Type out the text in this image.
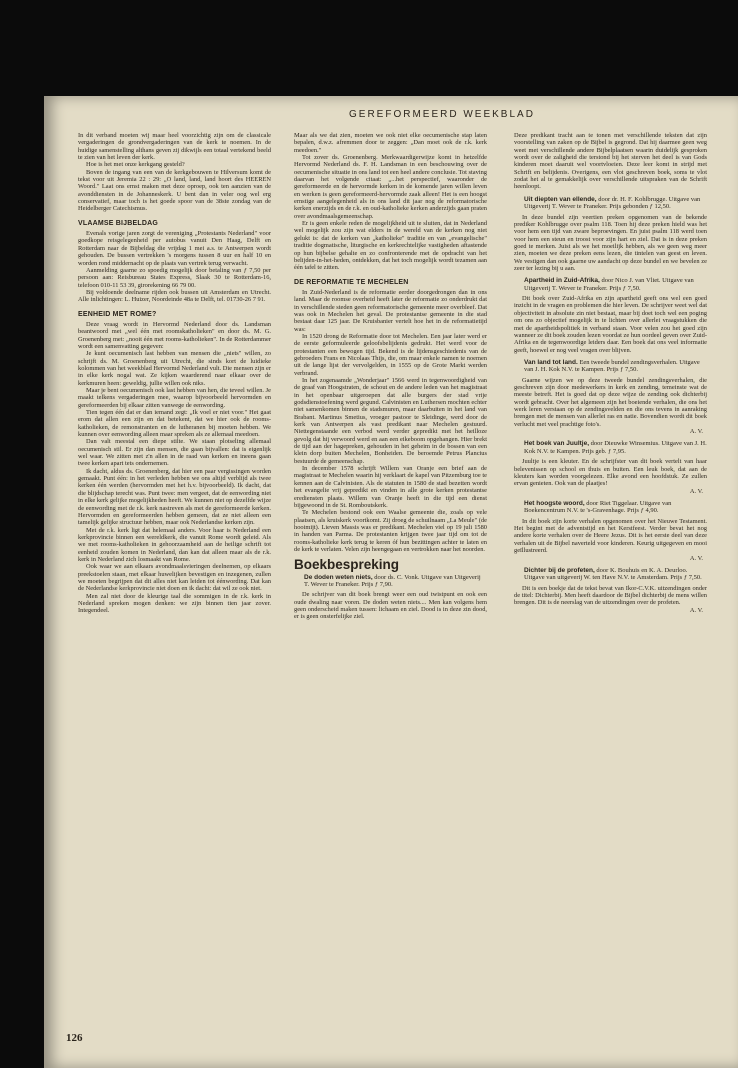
GEREFORMEERD WEEKBLAD

In dit verband moeten wij maar heel voorzichtig zijn om de classicale vergaderingen de grondvergaderingen van de kerk te noemen. In de huidige samenstelling althans geven zij dikwijls een totaal vertekend beeld te zien van het leven der kerk.

Hoe is het met onze kerkgang gesteld?

Boven de ingang van een van de kerkgebouwen te Hilversum komt de tekst voor uit Jeremia 22 : 29: „O land, land, land hoort des HEEREN Woord." Laat ons ernst maken met deze oproep, ook ten aanzien van de avonddiensten in de Johanneskerk. U bent dan in veler oog wel erg conservatief, maar toch is het goede spoor van de 38ste zondag van de Heidelberger Catechismus.

VLAAMSE BIJBELDAG

Evenals vorige jaren zorgt de vereniging „Protestants Nederland" voor goedkope reisgelegenheid per autobus vanuit Den Haag, Delft en Rotterdam naar de Bijbeldag die vrijdag 1 mei a.s. te Antwerpen wordt gehouden. De bussen vertrekken 's morgens tussen 8 uur en half 10 en worden rond middernacht op de plaats van vertrek terug verwacht.

Aanmelding gaarne zo spoedig mogelijk door betaling van ƒ 7,50 per persoon aan: Reisbureau States Express, Slaak 30 te Rotterdam-16, telefoon 010-11 53 39, girorekening 66 79 00.

Bij voldoende deelname rijden ook bussen uit Amsterdam en Utrecht. Alle inlichtingen: L. Huizer, Noordeinde 48a te Delft, tel. 01730-26 7 91.

EENHEID MET ROME?

Deze vraag wordt in Hervormd Nederland door ds. Landsman beantwoord met „wel één met roomskatholieken" en door ds. M. G. Groenenberg met: „nooit één met rooms-katholieken". In de Rotterdammer wordt een samenvatting gegeven:

Je kunt oecumenisch last hebben van mensen die „niets" willen, zo schrijft ds. M. Groenenberg uit Utrecht, die sinds kort de luidieke kolommen van het weekblad Hervormd Nederland vult. Die mensen zijn er in elke kerk nogal wat. Ze kijken waarderend naar elkaar over de kerkmuren heen: geweldig, jullie willen ook niks.

Maar je bent oecumenisch ook last hebben van hen, die teveel willen. Je maakt telkens vergaderingen mee, waarop bijvoorbeeld hervormden en gereformeerden bij elkaar zitten vanwege de eenwording.

Tien tegen één dat er dan iemand zegt: „Ik voel er niet voor." Het gaat erom dat allen een zijn en dat betekent, dat we hier ook de rooms-katholieken, de remonstranten en de lutheranen bij moeten hebben. We kunnen over eenwording alleen maar spreken als ze allemaal meedoen.

Dan valt meestal een diepe stilte. We staan plotseling allemaal oecumenisch stil. Er zijn dan mensen, die gaan bijvallen: dat is eigenlijk wel waar. We zitten met z'n allen in de raad van kerken en ineens gaan twee kerken apart tets ondernemen.

Ik dacht, aldus ds. Groenenberg, dat hier een paar vergissingen worden gemaakt. Punt één: in het verleden hebben we ons altijd verblijd als twee kerken één werden (hervormden met het h.v. bijvoorbeeld). Ik dacht, dat die blijdschap terecht was. Punt twee: men vergeet, dat de eenwording niet in elke kerk gelijke mogelijkheden heeft. We kunnen niet op dezelfde wijze de eenwording met de r.k. kerk nastreven als met de gereformeerde kerken. Hervormden en gereformeerden hebben gemeen, dat ze niet alleen een tamelijk gelijke structuur hebben, maar ook Nederlandse kerken zijn.

Met de r.k. kerk ligt dat helemaal anders. Voor haar is Nederland een kerkprovincie binnen een wereldkerk, die vanuit Rome wordt geleid. Als we met rooms-katholieken in gehoorzaamheid aan de heilige schrift tot eenheid zouden komen in Nederland, dan kan dat alleen maar als de r.k. kerk in Nederland zich losmaakt van Rome.

Ook waar we aan elkaars avondmaalsvieringen deelnemen, op elkaars preekstoelen staan, met elkaar huwelijken bevestigen en inzegenen, zullen we moeten begrijpen dat dit alles niet kan leiden tot éénwording. Dat kan de Nederlandse kerkprovincie niet doen en ik dacht: dat wil ze ook niet.

Men zal niet door de kleurige taal die sommigen in de r.k. kerk in Nederland spreken mogen denken: we zijn binnen tien jaar zover. Integendeel.

Maar als we dat zien, moeten we ook niet elke oecumenische stap laten bepalen, d.w.z. afremmen door te zeggen: „Dan moet ook de r.k. kerk meedoen."

Tot zover ds. Groenenberg. Merkwaardigerwijze komt in hetzelfde Hervormd Nederland ds. F. H. Landsman in een beschouwing over de oecumenische situatie in ons land tot een heel andere conclusie. Tot staving daarvan het volgende citaat: „...het perspectief, waaronder de gereformeerde en de hervormde kerken in de komende jaren willen leven en werken is geen gereformeerd-hervormde zaak alleen! Het is een hoogst ernstige aangelegenheid als in ons land dit jaar nog de reformatorische kerken enerzijds en de r.k. en oud-katholieke kerken anderzijds gaan praten over avondmaalsgemeenschap.

Er is geen enkele reden de mogelijkheid uit te sluiten, dat in Nederland wel mogelijk zou zijn wat elders in de wereld van de kerken nog niet gelukt is: dat de kerken van „katholieke" traditie en van „evangelische" traditie dogmatische, liturgische en kerkrechtelijke vastigheden aftastende op hun bijbelse gehalte en zo confronterende met de opdracht van het belijden-in-het-heden, ontdekken, dat het toch mogelijk wordt tezamen aan één tafel te zitten.

DE REFORMATIE TE MECHELEN

In Zuid-Nederland is de reformatie eerder doorgedrongen dan in ons land. Maar de roomse overheid heeft later de reformatie zo onderdrukt dat in verschillende steden geen reformatorische gemeente meer overbleef. Dat was ook in Mechelen het geval. De protestantse gemeente in die stad bestaat daar 125 jaar. De Kruisbanier vertelt hoe het in de reformatietijd was:

In 1520 drong de Reformatie door tot Mechelen. Een jaar later werd er de eerste geformuleerde geloofsbelijdenis gedrukt. Het werd voor de protestanten een bewogen tijd. Bekend is de lijdensgeschiedenis van de gebroeders Frans en Nicolaas Thijs, die, om maar enkele namen te noemen uit de lange lijst der vervolgelden, in 1555 op de Grote Markt werden verbrand.

In het zogenaamde „Wonderjaar" 1566 werd in tegenwoordigheid van de graaf van Hoogstraten, de schout en de andere leden van het magistraat in het openbaar uitgeroepen dat alle burgers der stad vrije godsdienstoefening werd gegund. Calvinisten en Luthersen mochten echter niet samenkomen binnen de stadsmuren, maar daarbuiten in het land van Brabant. Martinus Smetius, vroeger pastoor te Sleidinge, werd door de kerk van Antwerpen als vast predikant naar Mechelen gestuurd. Niettegenstaande een verbod werd verder gepredikt met het heilloze gevolg dat hij verwoord werd en aan een eikeboom opgehangen. Hier brekt de tijd aan der hagepreken, gehouden in het geheim in de bossen van een klein dorp buiten Mechelen, Bonheiden. De beroemde Petrus Plancius bestuurde de gemeenschap.

In december 1578 schrijft Willem van Oranje een brief aan de magistraat te Mechelen waarin hij verklaart de kapel van Pitzemburg toe te kennen aan de Calvinisten. Als de statuten in 1580 de stad bezetten wordt het evangelie vrij gepredikt en vinden in alle grote kerken protestantse erediensten plaats. Willem van Oranje heeft in die tijd een dienst bijgewoond in de St. Romboutskerk.

Te Mechelen bestond ook een Waalse gemeente die, zoals op vele plaatsen, als kruiskerk voortkomt. Zij droeg de schuilnaam „La Meule" (de hooimijt). Lieven Massis was er predikant. Mechelen viel op 19 juli 1580 in handen van Parma. De protestanten krijgen twee jaar tijd om tot de rooms-katholieke kerk terug te keren óf hun bezittingen achter te laten en de kerk te verlaten. Velen zijn heengegaan en vertrokken naar het noorden.

Boekbespreking
De doden weten niets, door ds. C. Vonk. Uitgave van Uitgeverij T. Wever te Franeker. Prijs ƒ 7,90.

De schrijver van dit boek brengt weer een oud twistpunt en ook een oude dwaling naar voren. De doden weten niets.... Men kan volgens hem geen onderscheid maken tussen: lichaam en ziel. Dood is in deze zin dood, er is geen onsterfelijke ziel.

Deze predikant tracht aan te tonen met verschillende teksten dat zijn voorstelling van zaken op de Bijbel is gegrond. Dat hij daarmee geen weg weet met verschillende andere Bijbelplaatsen waarin duidelijk gesproken wordt over de zaligheid die terstond bij het sterven het deel is van Gods kinderen moet daaruit wel voortvloeien. Deze leer komt in strijd met Schrift en belijdenis. Overigens, een vlot geschreven boek, soms te vlot zodat het al te gemakkelijk over verschillende uitspraken van de Schrift heenloopt.

Uit diepten van ellende, door dr. H. F. Kohlbrugge. Uitgave van Uitgeverij T. Wever te Franeker. Prijs gebonden ƒ 12,50.

In deze bundel zijn veertien preken opgenomen van de bekende prediker Kohlbrugge over psalm 118. Toen hij deze preken hield was het voor hem een tijd van zware beproevingen. En juist psalm 118 werd toen voor hem een steun en troost voor zijn hart en ziel. Dat is in deze preken goed te merken. Juist als we het moeilijk hebben, als we geen weg meer zien, moeten we deze preken eens lezen, die tintelen van geest en leven. We vestigen dan ook gaarne uw aandacht op deze bundel en we bevelen ze zeer ter lezing bij u aan.

Apartheid in Zuid-Afrika, door Nico J. van Vliet. Uitgave van Uitgeverij T. Wever te Franeker. Prijs ƒ 7,50.

Dit boek over Zuid-Afrika en zijn apartheid geeft ons wel een goed inzicht in de vragen en problemen die hier leven. De schrijver weet wel dat objectiviteit in absolute zin niet bestaat, maar bij doet toch wel een poging om ons zo objectief mogelijk in te lichten over allerlei vraagstukken die met de apartheidspolitiek in verband staan. Voor velen zou het goed zijn wanneer ze dit boek zouden lezen voordat ze hun oordeel geven over Zuid-Afrika en de tegenwoordige leiders daar. Een boek dat ons veel informatie geeft, hoewel er nog veel vragen over blijven.

Van land tot land. Een tweede bundel zendingsverhalen. Uitgave van J. H. Kok N.V. te Kampen. Prijs ƒ 7,50.

Gaarne wijzen we op deze tweede bundel zendingsverhalen, die geschreven zijn door medewerkers in kerk en zending, temeinste wat de meeste betreft. Het is goed dat op deze wijze de zending ook dichterbij wordt gebracht. Over het algemeen zijn het boeiende verhalen, die ons het werk leren verstaan op de zendingsvelden en die ons tevens in aanraking brengen met de mensen van allerlei ras en natie. Bovendien wordt dit boek verlucht met veel prachtige foto's.

A. V.
Het boek van Juultje, door Dieuwke Winsemius. Uitgave van J. H. Kok N.V. te Kampen. Prijs geb. ƒ 7,95.

Juultje is een kleuter. En de schrijfster van dit boek vertelt van haar belevenissen op school en thuis en buiten. Een leuk boek, dat aan de kleuters kan worden voorgelezen. Elke avond een hoofdstuk. Ze zullen ervan genieten. Ook van de plaatjes!

A. V.
Het hoogste woord, door Riet Tiggelaar. Uitgave van Boekencentrum N.V. te 's-Gravenhage. Prijs ƒ 4,90.

In dit boek zijn korte verhalen opgenomen over het Nieuwe Testament. Het begint met de adventstijd en het Kerstfeest. Verder bevat het nog andere korte verhalen over de Heere Jezus. Dit is het eerste deel van deze verhalen uit de Bijbel naverteld voor kinderen. Keurig uitgegeven en mooi geïllustreerd.

A. V.
Dichter bij de profeten, door K. Bouhuis en K. A. Deurloo. Uitgave van uitgeverij W. ten Have N.V. te Amsterdam. Prijs ƒ 7,50.

Dit is een boekje dat de tekst bevat van Ikor-C.V.K. uitzendingen onder de titel: Dichterbij. Men heeft daardoor de Bijbel dichterbij de mens willen brengen. Dit is de neerslag van de uitzendingen over de profeten.

A. V.
126
